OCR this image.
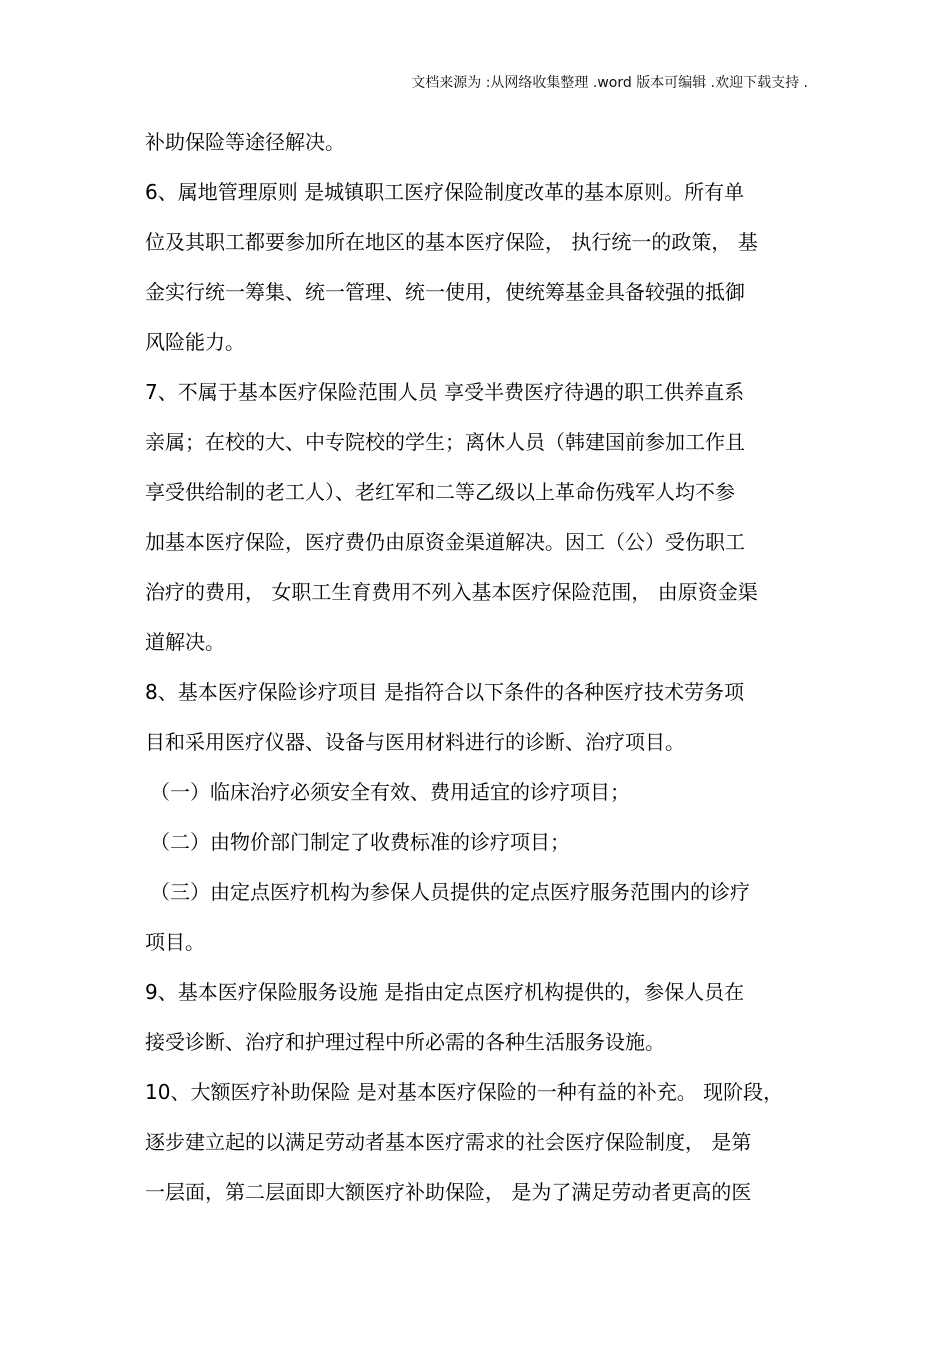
文档来源为 :从网络收集整理 .word 版本可编辑 .欢迎下载支持 .
补助保险等途径解决。
6、属地管理原则 是城镇职工医疗保险制度改革的基本原则。所有单
位及其职工都要参加所在地区的基本医疗保险， 执行统一的政策， 基
金实行统一筹集、统一管理、统一使用，使统筹基金具备较强的抵御
风险能力。
7、不属于基本医疗保险范围人员 享受半费医疗待遇的职工供养直系
亲属；在校的大、中专院校的学生；离休人员（韩建国前参加工作且
享受供给制的老工人）、老红军和二等乙级以上革命伤残军人均不参
加基本医疗保险，医疗费仍由原资金渠道解决。因工（公）受伤职工
治疗的费用， 女职工生育费用不列入基本医疗保险范围， 由原资金渠
道解决。
8、基本医疗保险诊疗项目 是指符合以下条件的各种医疗技术劳务项
目和采用医疗仪器、设备与医用材料进行的诊断、治疗项目。
（一）临床治疗必须安全有效、费用适宜的诊疗项目；
（二）由物价部门制定了收费标准的诊疗项目；
（三）由定点医疗机构为参保人员提供的定点医疗服务范围内的诊疗
项目。
9、基本医疗保险服务设施 是指由定点医疗机构提供的，参保人员在
接受诊断、治疗和护理过程中所必需的各种生活服务设施。
10、大额医疗补助保险 是对基本医疗保险的一种有益的补充。 现阶段，
逐步建立起的以满足劳动者基本医疗需求的社会医疗保险制度， 是第
一层面，第二层面即大额医疗补助保险， 是为了满足劳动者更高的医
